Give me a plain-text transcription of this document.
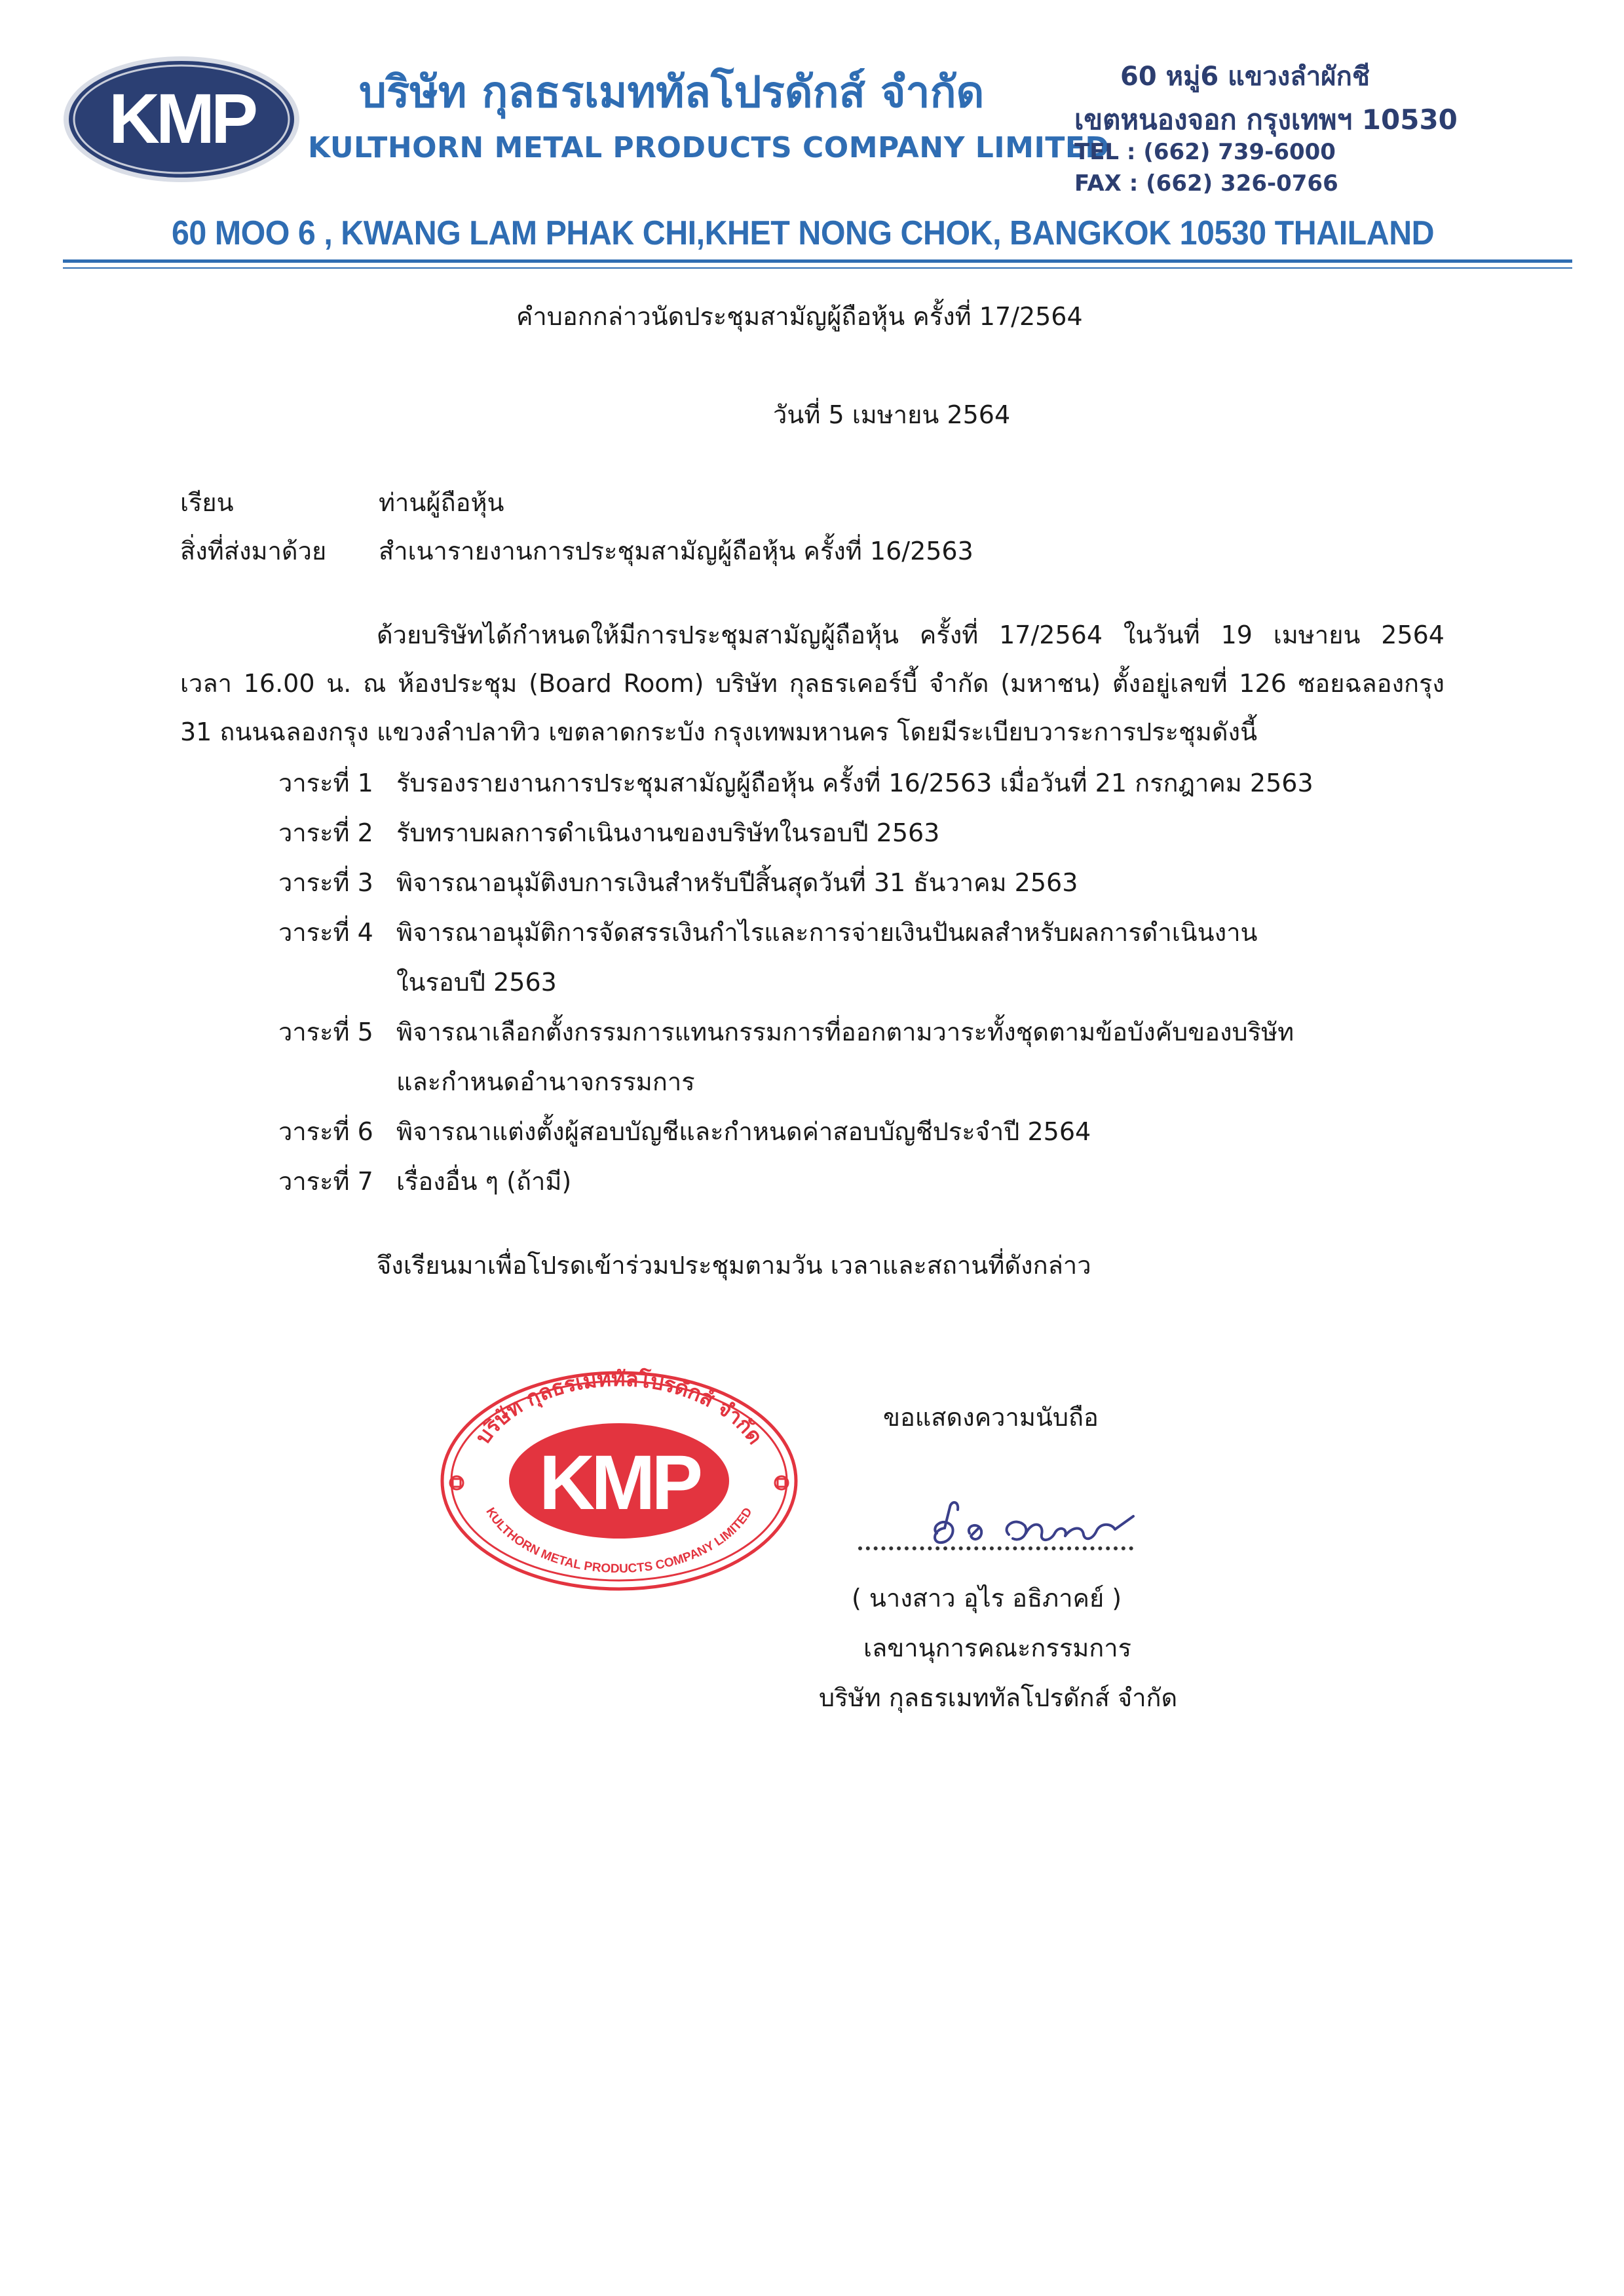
KMP บริษัท กุลธรเมททัลโปรดักส์ จำกัด
KULTHORN METAL PRODUCTS COMPANY LIMITED
60 หมู่6 แขวงลำผักชี
เขตหนองจอก กรุงเทพฯ 10530
TEL : (662) 739-6000
FAX : (662) 326-0766
60 MOO 6 , KWANG LAM PHAK CHI,KHET NONG CHOK, BANGKOK 10530 THAILAND
คำบอกกล่าวนัดประชุมสามัญผู้ถือหุ้น ครั้งที่ 17/2564
วันที่ 5 เมษายน 2564
เรียน	ท่านผู้ถือหุ้น
สิ่งที่ส่งมาด้วย สำเนารายงานการประชุมสามัญผู้ถือหุ้น ครั้งที่ 16/2563
ด้วยบริษัทได้กำหนดให้มีการประชุมสามัญผู้ถือหุ้น ครั้งที่ 17/2564 ในวันที่ 19 เมษายน 2564
เวลา 16.00 น. ณ ห้องประชุม (Board Room) บริษัท กุลธรเคอร์บี้ จำกัด (มหาชน) ตั้งอยู่เลขที่ 126 ซอยฉลองกรุง
31 ถนนฉลองกรุง แขวงลำปลาทิว เขตลาดกระบัง กรุงเทพมหานคร โดยมีระเบียบวาระการประชุมดังนี้
วาระที่ 1 รับรองรายงานการประชุมสามัญผู้ถือหุ้น ครั้งที่ 16/2563 เมื่อวันที่ 21 กรกฎาคม 2563
วาระที่ 2 รับทราบผลการดำเนินงานของบริษัทในรอบปี 2563
วาระที่ 3 พิจารณาอนุมัติงบการเงินสำหรับปีสิ้นสุดวันที่ 31 ธันวาคม 2563
วาระที่ 4 พิจารณาอนุมัติการจัดสรรเงินกำไรและการจ่ายเงินปันผลสำหรับผลการดำเนินงาน
ในรอบปี 2563
วาระที่ 5 พิจารณาเลือกตั้งกรรมการแทนกรรมการที่ออกตามวาระทั้งชุดตามข้อบังคับของบริษัท
และกำหนดอำนาจกรรมการ
วาระที่ 6 พิจารณาแต่งตั้งผู้สอบบัญชีและกำหนดค่าสอบบัญชีประจำปี 2564
วาระที่ 7 เรื่องอื่น ๆ (ถ้ามี)
จึงเรียนมาเพื่อโปรดเข้าร่วมประชุมตามวัน เวลาและสถานที่ดังกล่าว
บริษัท กุลธรเมททัลโปรดักส์ จำกัด
KULTHORN METAL PRODUCTS COMPANY LIMITED
KMP
ขอแสดงความนับถือ
( นางสาว อุไร อธิภาคย์ )
เลขานุการคณะกรรมการ
บริษัท กุลธรเมททัลโปรดักส์ จำกัด
